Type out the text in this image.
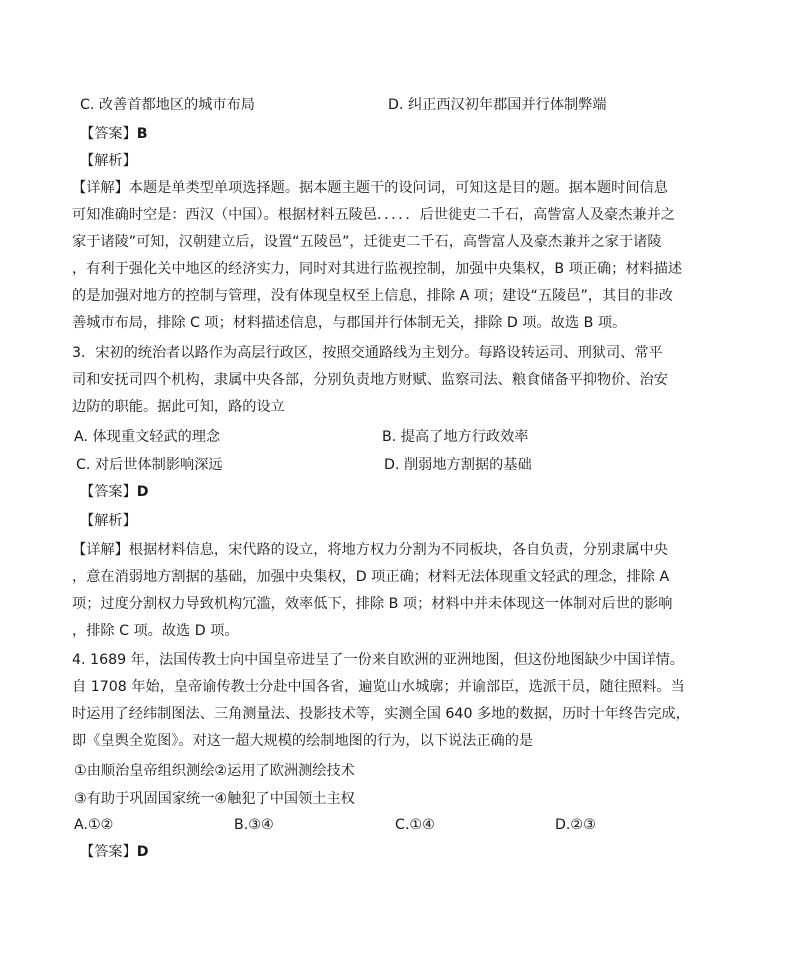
C. 改善首都地区的城市布局	D. 纠正西汉初年郡国并行体制弊端
【答案】B
【解析】
【详解】本题是单类型单项选择题。据本题主题干的设问词，可知这是目的题。据本题时间信息
可知准确时空是：西汉（中国）。根据材料五陵邑．．．．．后世徙吏二千石，高訾富人及豪杰兼并之
家于诸陵”可知，汉朝建立后，设置“五陵邑”，迁徙吏二千石，高訾富人及豪杰兼并之家于诸陵
，有利于强化关中地区的经济实力，同时对其进行监视控制，加强中央集权，B 项正确；材料描述
的是加强对地方的控制与管理，没有体现皇权至上信息，排除 A 项；建设“五陵邑”，其目的非改
善城市布局，排除 C 项；材料描述信息，与郡国并行体制无关，排除 D 项。故选 B 项。
3．宋初的统治者以路作为高层行政区，按照交通路线为主划分。每路设转运司、刑狱司、常平
司和安抚司四个机构，隶属中央各部，分别负责地方财赋、监察司法、粮食储备平抑物价、治安
边防的职能。据此可知，路的设立
A. 体现重文轻武的理念	B. 提高了地方行政效率
C. 对后世体制影响深远	D. 削弱地方割据的基础
【答案】D
【解析】
【详解】根据材料信息，宋代路的设立，将地方权力分割为不同板块，各自负责，分别隶属中央
，意在消弱地方割据的基础，加强中央集权，D 项正确；材料无法体现重文轻武的理念，排除 A
项；过度分割权力导致机构冗滥，效率低下，排除 B 项；材料中并未体现这一体制对后世的影响
，排除 C 项。故选 D 项。
4. 1689 年，法国传教士向中国皇帝进呈了一份来自欧洲的亚洲地图，但这份地图缺少中国详情。
自 1708 年始，皇帝谕传教士分赴中国各省，遍览山水城廓；并谕部臣，选派干员，随往照料。当
时运用了经纬制图法、三角测量法、投影技术等，实测全国 640 多地的数据，历时十年终告完成，
即《皇舆全览图》。对这一超大规模的绘制地图的行为，以下说法正确的是
①由顺治皇帝组织测绘②运用了欧洲测绘技术
③有助于巩固国家统一④触犯了中国领土主权
A.①②	B.③④	C.①④	D.②③
【答案】D
